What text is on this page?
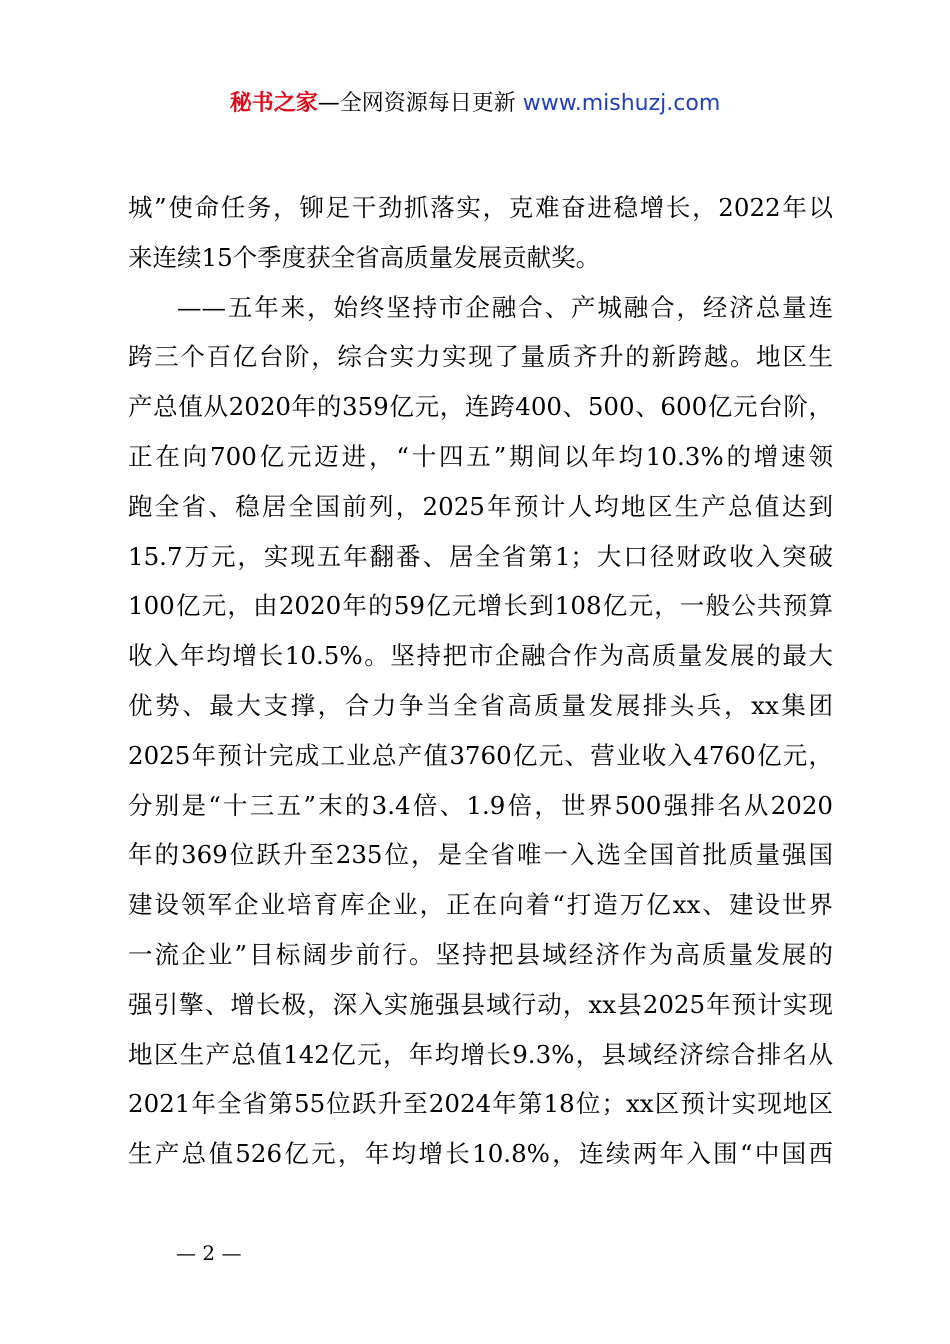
秘书之家—全网资源每日更新 www.mishuzj.com
城”使命任务，铆足干劲抓落实，克难奋进稳增长，2022年以
来连续15个季度获全省高质量发展贡献奖。
——五年来，始终坚持市企融合、产城融合，经济总量连
跨三个百亿台阶，综合实力实现了量质齐升的新跨越。地区生
产总值从2020年的359亿元，连跨400、500、600亿元台阶，
正在向700亿元迈进，“十四五”期间以年均10.3%的增速领
跑全省、稳居全国前列，2025年预计人均地区生产总值达到
15.7万元，实现五年翻番、居全省第1；大口径财政收入突破
100亿元，由2020年的59亿元增长到108亿元，一般公共预算
收入年均增长10.5%。坚持把市企融合作为高质量发展的最大
优势、最大支撑，合力争当全省高质量发展排头兵，xx集团
2025年预计完成工业总产值3760亿元、营业收入4760亿元，
分别是“十三五”末的3.4倍、1.9倍，世界500强排名从2020
年的369位跃升至235位，是全省唯一入选全国首批质量强国
建设领军企业培育库企业，正在向着“打造万亿xx、建设世界
一流企业”目标阔步前行。坚持把县域经济作为高质量发展的
强引擎、增长极，深入实施强县域行动，xx县2025年预计实现
地区生产总值142亿元，年均增长9.3%，县域经济综合排名从
2021年全省第55位跃升至2024年第18位；xx区预计实现地区
生产总值526亿元，年均增长10.8%，连续两年入围“中国西
— 2 —
